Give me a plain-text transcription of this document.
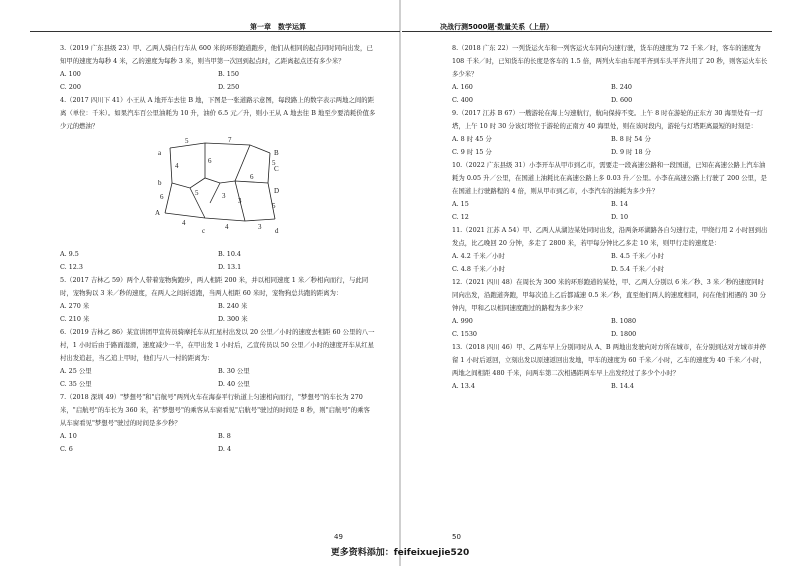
第一章　数学运算	决战行测5000题·数量关系（上册）

3.（2019 广东县级 23）甲、乙两人骑自行车从 600 米的环形跑道跑步，他们从相同的起点同时同向出发，已知甲的速度为每秒 4 米，乙的速度为每秒 3 米，则当甲第一次回到起点时，乙距离起点还有多少米？

A. 100	B. 150
C. 200	D. 250

4.（2017 四川下 41）小王从 A 地开车去往 B 地，下图是一张道路示意图，每段路上的数字表示两地之间的距离（单位：千米）。如果汽车百公里油耗为 10 升，油价 6.5 元／升，则小王从 A 地去往 B 地至少要消耗价值多少元的燃油？

a
b
A
c	d
B
C
D
5	7
4
6
6
5	3
4	4	3
5
3
5
6
A. 9.5	B. 10.4
C. 12.3	D. 13.1

5.（2017 吉林乙 59）两个人带着宠物狗跑步，两人相距 200 米，并以相同速度 1 米／秒相向而行，与此同时，宠物狗以 3 米／秒的速度，在两人之间折返跑，当两人相距 60 米时，宠物狗总共跑的距离为：

A. 270 米	B. 240 米
C. 210 米	D. 300 米

6.（2019 吉林乙 86）某宣讲团甲宣传员骑摩托车从红星村出发以 20 公里／小时的速度去相距 60 公里的八一村，1 小时后由于路面湿滑，速度减少一半，在甲出发 1 小时后，乙宣传员以 50 公里／小时的速度开车从红星村出发追赶，当乙追上甲时，他们与八一村的距离为：

A. 25 公里	B. 30 公里
C. 35 公里	D. 40 公里

7.（2018 深圳 49）"梦想号"和"启航号"两列火车在海泰平行轨道上匀速相向而行，"梦想号"的车长为 270 米，"启航号"的车长为 360 米，若"梦想号"的乘客从车窗看见"启航号"驶过的时间是 8 秒，则"启航号"的乘客从车窗看见"梦想号"驶过的时间是多少秒？

A. 10	B. 8
C. 6	D. 4
49

8.（2018 广东 22）一列货运火车和一列客运火车同向匀速行驶，货车的速度为 72 千米／时，客车的速度为 108 千米／时，已知货车的长度是客车的 1.5 倍，两列火车由车尾平齐到车头平齐共用了 20 秒，则客运火车长多少米？

A. 160	B. 240
C. 400	D. 600

9.（2017 江苏 B 67）一艘游轮在海上匀速航行，航向保持不变。上午 8 时在游轮的正东方 30 海里处有一灯塔，上午 10 时 30 分该灯塔位于游轮的正南方 40 海里处，则在该时段内，游轮与灯塔距离最短的时刻是：

A. 8 时 45 分	B. 8 时 54 分
C. 9 时 15 分	D. 9 时 18 分

10.（2022 广东县级 31）小李开车从甲市到乙市，需要走一段高速公路和一段国道，已知在高速公路上汽车油耗为 0.05 升／公里，在国道上油耗比在高速公路上多 0.03 升／公里。小李在高速公路上行驶了 200 公里，是在国道上行驶路程的 4 倍，则从甲市到乙市，小李汽车的油耗为多少升？

A. 15	B. 14
C. 12	D. 10

11.（2021 江苏 A 54）甲、乙两人从湖边某处同时出发，沿两条环湖路各自匀速行走，甲绕行用 2 小时回到出发点，比乙晚回 20 分钟，多走了 2800 米，若甲每分钟比乙多走 10 米，则甲行走的速度是：

A. 4.2 千米／小时	B. 4.5 千米／小时
C. 4.8 千米／小时	D. 5.4 千米／小时

12.（2021 四川 48）在周长为 300 米的环形跑道的某处，甲、乙两人分别以 6 米／秒、3 米／秒的速度同时同向出发，沿跑道奔跑，甲每次追上乙后都减速 0.5 米／秒，直至他们两人的速度相同，问在他们相遇的 30 分钟内，甲和乙以相同速度跑过的路程为多少米？

A. 990	B. 1080
C. 1530	D. 1800

13.（2018 四川 46）甲、乙两车早上分别同时从 A、B 两地出发驶向对方所在城市，在分别到达对方城市并停留 1 小时后返回，立刻出发以原速返回出发地，甲车的速度为 60 千米／小时，乙车的速度为 40 千米／小时，两地之间相距 480 千米，问两车第二次相遇距两车早上出发经过了多少个小时？

A. 13.4	B. 14.4
50
更多资料添加：feifeixuejie520
